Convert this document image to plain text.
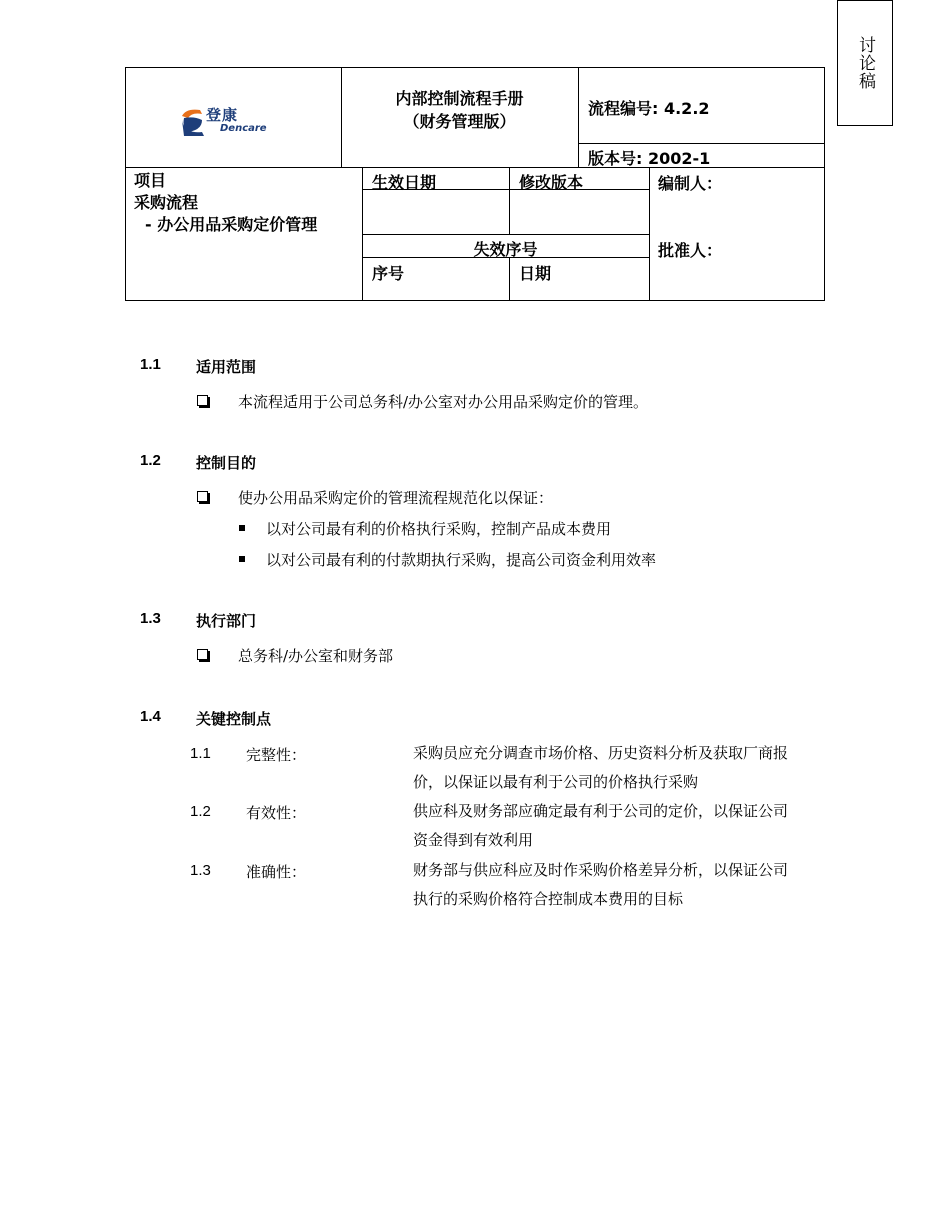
讨论稿
登康
Dencare
内部控制流程手册
（财务管理版）
流程编号: 4.2.2
版本号: 2002-1
项目
采购流程
- 办公用品采购定价管理
生效日期	修改版本
失效序号
序号	日期
编制人：
批准人：
1.1 适用范围
本流程适用于公司总务科/办公室对办公用品采购定价的管理。
1.2 控制目的
使办公用品采购定价的管理流程规范化以保证：
以对公司最有利的价格执行采购，控制产品成本费用
以对公司最有利的付款期执行采购，提高公司资金利用效率
1.3 执行部门
总务科/办公室和财务部
1.4 关键控制点
1.1 完整性：	采购员应充分调查市场价格、历史资料分析及获取厂商报
价，以保证以最有利于公司的价格执行采购
1.2 有效性：	供应科及财务部应确定最有利于公司的定价，以保证公司
资金得到有效利用
1.3 准确性：	财务部与供应科应及时作采购价格差异分析，以保证公司
执行的采购价格符合控制成本费用的目标
